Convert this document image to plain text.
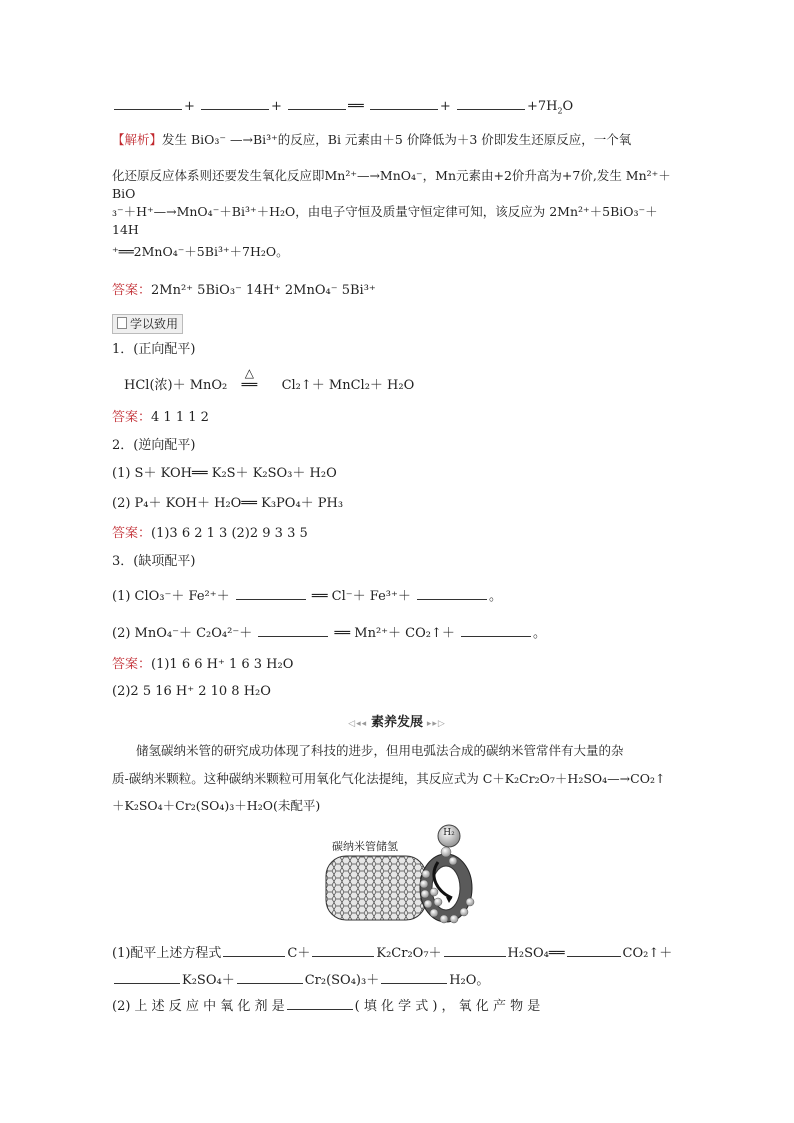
+	+	══	+	$+7H_2O$
【解析】发生 BiO₃⁻ —→Bi³⁺的反应，Bi 元素由＋5 价降低为＋3 价即发生还原反应，一个氧
化还原反应体系则还要发生氧化反应即Mn²⁺—→MnO₄⁻，Mn元素由+2价升高为+7价,发生 Mn²⁺＋BiO
₃⁻＋H⁺—→MnO₄⁻＋Bi³⁺＋H₂O，由电子守恒及质量守恒定律可知，该反应为 2Mn²⁺＋5BiO₃⁻＋14H
⁺══2MnO₄⁻＋5Bi³⁺＋7H₂O。
答案：2Mn²⁺ 5BiO₃⁻ 14H⁺ 2MnO₄⁻ 5Bi³⁺
学以致用
1．(正向配平)
HCl(浓)＋ MnO₂
△
══ Cl₂↑＋ MnCl₂＋ H₂O
答案：4 1 1 1 2
2．(逆向配平)
(1) S＋ KOH══ K₂S＋ K₂SO₃＋ H₂O
(2) P₄＋ KOH＋ H₂O══ K₃PO₄＋ PH₃
答案：(1)3 6 2 1 3 (2)2 9 3 3 5
3．(缺项配平)
(1) ClO₃⁻＋ Fe²⁺＋	══ Cl⁻＋ Fe³⁺＋	。
(2) MnO₄⁻＋ C₂O₄²⁻＋	══ Mn²⁺＋ CO₂↑＋	。
答案：(1)1 6 6 H⁺ 1 6 3 H₂O
(2)2 5 16 H⁺ 2 10 8 H₂O
◁◂◂ 素养发展 ▸▸▷
储氢碳纳米管的研究成功体现了科技的进步，但用电弧法合成的碳纳米管常伴有大量的杂
质-碳纳米颗粒。这种碳纳米颗粒可用氧化气化法提纯，其反应式为 C＋K₂Cr₂O₇＋H₂SO₄—→CO₂↑
＋K₂SO₄＋Cr₂(SO₄)₃＋H₂O(未配平)
碳纳米管储氢
H₂
(1)配平上述方程式	C＋	K₂Cr₂O₇＋	H₂SO₄══	CO₂↑＋
K₂SO₄＋	Cr₂(SO₄)₃＋	H₂O。
(2) 上 述 反 应 中 氧 化 剂 是	( 填 化 学 式 ) ， 氧 化 产 物 是
